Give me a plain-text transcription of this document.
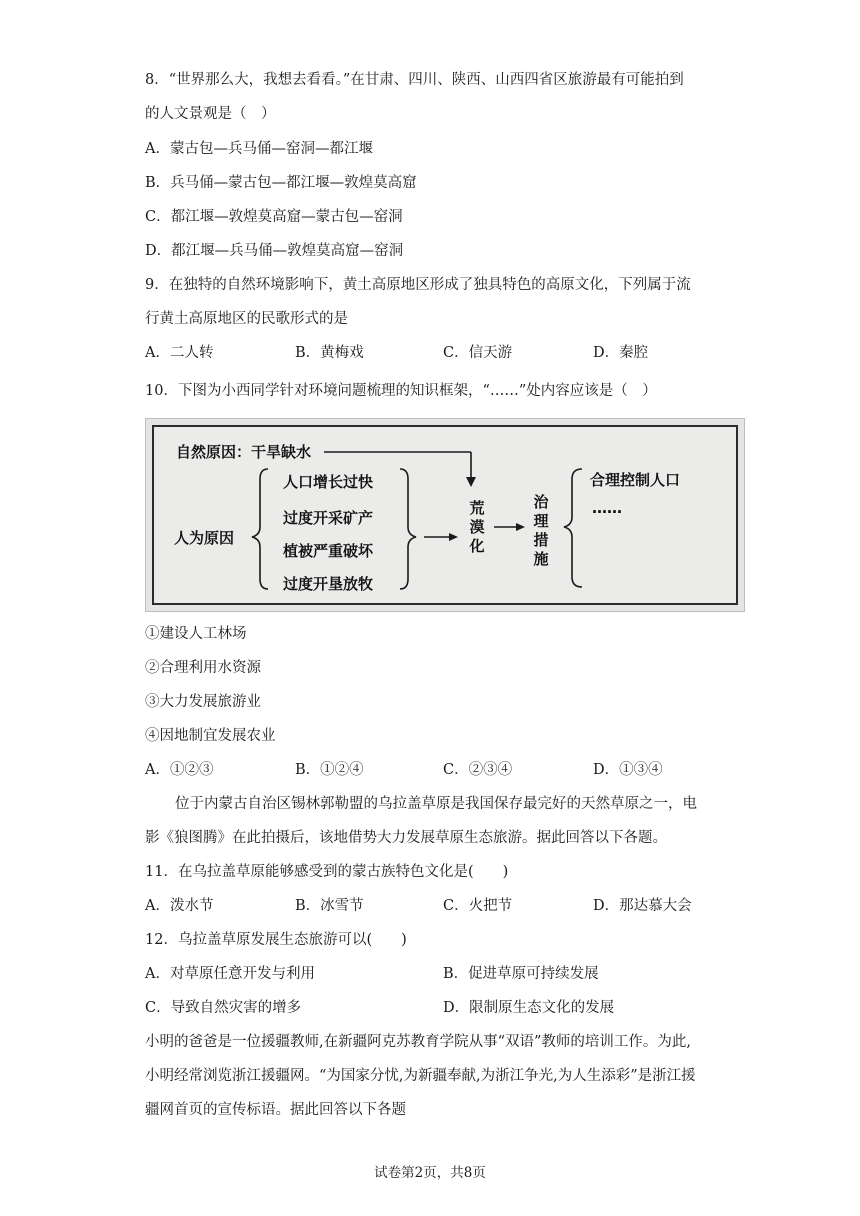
8．“世界那么大，我想去看看。”在甘肃、四川、陕西、山西四省区旅游最有可能拍到
的人文景观是（　）
A．蒙古包—兵马俑—窑洞—都江堰
B．兵马俑—蒙古包—都江堰—敦煌莫高窟
C．都江堰—敦煌莫高窟—蒙古包—窑洞
D．都江堰—兵马俑—敦煌莫高窟—窑洞
9．在独特的自然环境影响下，黄土高原地区形成了独具特色的高原文化，下列属于流
行黄土高原地区的民歌形式的是
A．二人转	B．黄梅戏	C．信天游	D．秦腔
10．下图为小西同学针对环境问题梳理的知识框架，“……”处内容应该是（　）
自然原因：干旱缺水
人为原因
人口增长过快
过度开采矿产
植被严重破坏
过度开垦放牧
荒漠化
治理措施
合理控制人口
……
①建设人工林场
②合理利用水资源
③大力发展旅游业
④因地制宜发展农业
A．①②③	B．①②④	C．②③④	D．①③④
位于内蒙古自治区锡林郭勒盟的乌拉盖草原是我国保存最完好的天然草原之一，电
影《狼图腾》在此拍摄后，该地借势大力发展草原生态旅游。据此回答以下各题。
11．在乌拉盖草原能够感受到的蒙古族特色文化是(　　)
A．泼水节	B．冰雪节	C．火把节	D．那达慕大会
12．乌拉盖草原发展生态旅游可以(　　)
A．对草原任意开发与利用	B．促进草原可持续发展
C．导致自然灾害的增多	D．限制原生态文化的发展
小明的爸爸是一位援疆教师,在新疆阿克苏教育学院从事“双语”教师的培训工作。为此,
小明经常浏览浙江援疆网。“为国家分忧,为新疆奉献,为浙江争光,为人生添彩”是浙江援
疆网首页的宣传标语。据此回答以下各题
试卷第2页，共8页
